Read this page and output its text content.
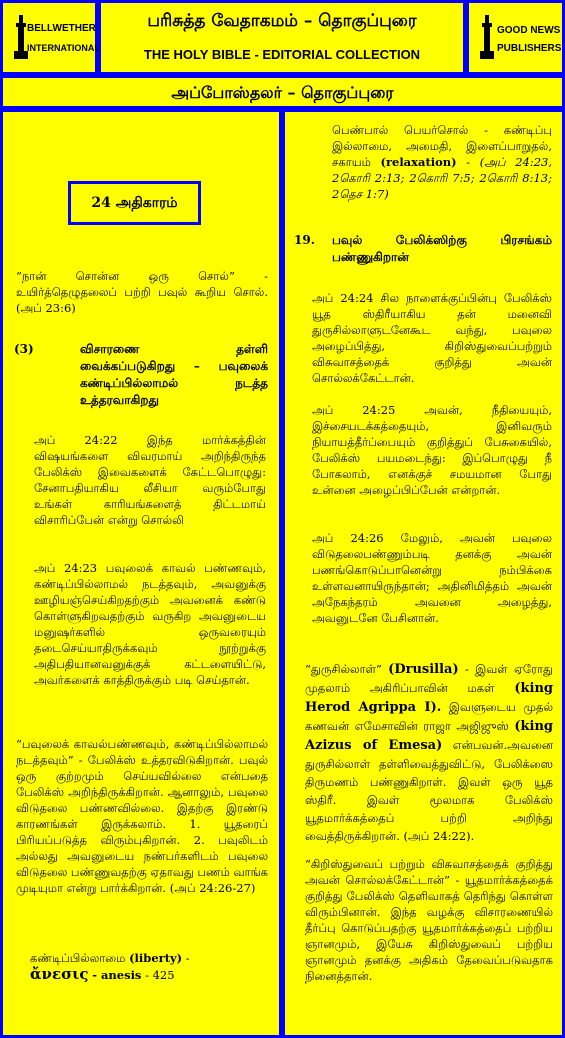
BELLWETHER
INTERNATIONAL
பரிசுத்த வேதாகமம் – தொகுப்புரை
THE HOLY BIBLE - EDITORIAL COLLECTION
GOOD NEWS
PUBLISHERS
அப்போஸ்தலர் – தொகுப்புரை
24 அதிகாரம்
“நான் சொன்ன ஒரு சொல்” - உயிர்த்தெழுதலைப் பற்றி பவுல் கூறிய சொல். (அப் 23:6)
(3)	விசாரணை தள்ளி வைக்கப்படுகிறது – பவுலைக் கண்டிப்பில்லாமல் நடத்த உத்தரவாகிறது
அப் 24:22 இந்த மார்க்கத்தின் விஷயங்களை விவரமாய் அறிந்திருந்த பேலிக்ஸ் இவைகளைக் கேட்டபொழுது: சேனாபதியாகிய லீசியா வரும்போது உங்கள் காரியங்களைத் திட்டமாய் விசாரிப்பேன் என்று சொல்லி
அப் 24:23 பவுலைக் காவல் பண்ணவும், கண்டிப்பில்லாமல் நடத்தவும், அவனுக்கு ஊழியஞ்செய்கிறதற்கும் அவனைக் கண்டு கொள்ளுகிறவதற்கும் வருகிற அவனுடைய மனுஷர்களில் ஒருவரையும் தடைசெய்யாதிருக்கவும் நூற்றுக்கு அதிபதியானவனுக்குக் கட்டளையிட்டு, அவர்களைக் காத்திருக்கும் படி செய்தான்.
“பவுலைக் காவல்பண்ணவும், கண்டிப்பில்லாமல் நடத்தவும்” - பேலிக்ஸ் உத்தரவிடுகிறான். பவுல் ஒரு குற்றமும் செய்யவில்லை என்பதை பேலிக்ஸ் அறிந்திருக்கிறான். ஆனாலும், பவுலை விடுதலை பண்ணவில்லை. இதற்கு இரண்டு காரணங்கள் இருக்கலாம். 1. யூதரைப் பிரியப்படுத்த விரும்புகிறான். 2. பவுலிடம் அல்லது அவனுடைய நண்பர்களிடம் பவுலை விடுதலை பண்ணுவதற்கு ஏதாவது பணம் வாங்க முடியுமா என்று பார்க்கிறான். (அப் 24:26-27)
கண்டிப்பில்லாமை (liberty) -
ἄνεσις - anesis - 425
பெண்பால் பெயர்சொல் - கண்டிப்பு இல்லாமை, அமைதி, இளைப்பாறுதல், சகாயம் (relaxation) - (அப் 24:23, 2கொரி 2:13; 2கொரி 7:5; 2கொரி 8:13; 2தெச 1:7)
19. பவுல் பேலிக்ஸிற்கு பிரசங்கம் பண்ணுகிறான்
அப் 24:24 சில நாளைக்குப்பின்பு பேலிக்ஸ் யூத ஸ்திரீயாகிய தன் மனைவி துருசில்லாளுடனேகூட வந்து, பவுலை அழைப்பித்து, கிறிஸ்துவைப்பற்றும் விசுவாசத்தைக் குறித்து அவன் சொல்லக்கேட்டான்.
அப் 24:25 அவன், நீதியையும், இச்சையடக்கத்தையும், இனிவரும் நியாயத்தீர்ப்பையும் குறித்துப் பேசுகையில், பேலிக்ஸ் பயமடைந்து: இப்பொழுது நீ போகலாம், எனக்குச் சமயமான போது உன்னை அழைப்பிப்பேன் என்றான்.
அப் 24:26 மேலும், அவன் பவுலை விடுதலைபண்ணும்படி தனக்கு அவன் பணங்கொடுப்பானென்று நம்பிக்கை உள்ளவனாயிருந்தான்; அதினிமித்தம் அவன் அநேகந்தரம் அவனை அழைத்து, அவனுடனே பேசினான்.
“துருசில்லாள்” (Drusilla) - இவள் ஏரோது முதலாம் அகிரிப்பாவின் மகள் (king Herod Agrippa I). இவளுடைய முதல் கணவன் எமேசாவின் ராஜா அஜிஜுஸ் (king Azizus of Emesa) என்பவன்.அவனை துருசில்லாள் தள்ளிவைத்துவிட்டு, பேலிக்ஸை திருமணம் பண்ணுகிறாள். இவள் ஒரு யூத ஸ்திரீ. இவள் மூலமாக பேலிக்ஸ் யூதமார்க்கத்தைப் பற்றி அறிந்து வைத்திருக்கிறான். (அப் 24:22).
“கிறிஸ்துவைப் பற்றும் விசுவாசத்தைக் குறித்து அவன் சொல்லக்கேட்டான்” - யூதமார்க்கத்தைக் குறித்து பேலிக்ஸ் தெளிவாகத் தெரிந்து கொள்ள விரும்பினான். இந்த வழக்கு விசாரணையில் தீர்ப்பு கொடுப்பதற்கு யூதமார்க்கத்தைப் பற்றிய ஞானமும், இயேசு கிறிஸ்துவைப் பற்றிய ஞானமும் தனக்கு அதிகம் தேவைப்படுவதாக நினைத்தான்.
